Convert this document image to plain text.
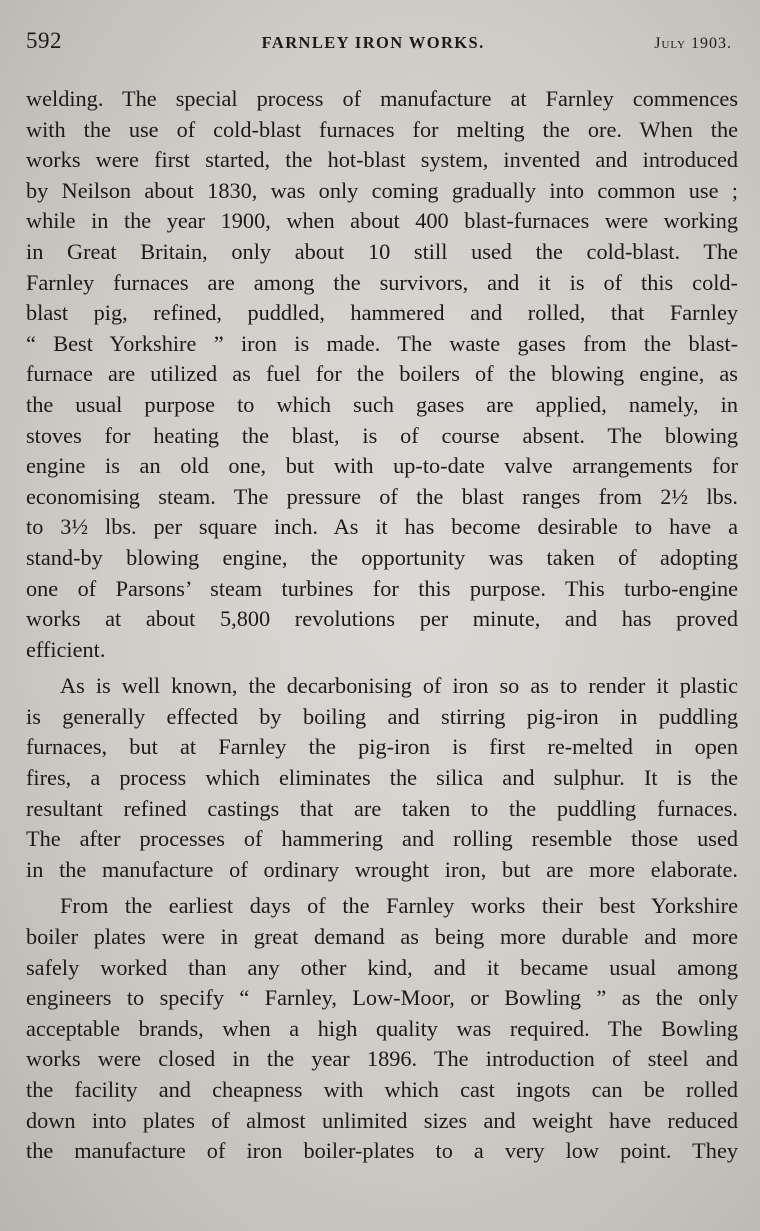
592	FARNLEY IRON WORKS.	July 1903.
welding. The special process of manufacture at Farnley commences
with the use of cold-blast furnaces for melting the ore. When the
works were first started, the hot-blast system, invented and introduced
by Neilson about 1830, was only coming gradually into common use ;
while in the year 1900, when about 400 blast-furnaces were working
in Great Britain, only about 10 still used the cold-blast. The
Farnley furnaces are among the survivors, and it is of this cold-
blast pig, refined, puddled, hammered and rolled, that Farnley
“ Best Yorkshire ” iron is made. The waste gases from the blast-
furnace are utilized as fuel for the boilers of the blowing engine, as
the usual purpose to which such gases are applied, namely, in
stoves for heating the blast, is of course absent. The blowing
engine is an old one, but with up-to-date valve arrangements for
economising steam. The pressure of the blast ranges from 2½ lbs.
to 3½ lbs. per square inch. As it has become desirable to have a
stand-by blowing engine, the opportunity was taken of adopting
one of Parsons’ steam turbines for this purpose. This turbo-engine
works at about 5,800 revolutions per minute, and has proved
efficient.
As is well known, the decarbonising of iron so as to render it plastic
is generally effected by boiling and stirring pig-iron in puddling
furnaces, but at Farnley the pig-iron is first re-melted in open
fires, a process which eliminates the silica and sulphur. It is the
resultant refined castings that are taken to the puddling furnaces.
The after processes of hammering and rolling resemble those used
in the manufacture of ordinary wrought iron, but are more elaborate.
From the earliest days of the Farnley works their best Yorkshire
boiler plates were in great demand as being more durable and more
safely worked than any other kind, and it became usual among
engineers to specify “ Farnley, Low-Moor, or Bowling ” as the only
acceptable brands, when a high quality was required. The Bowling
works were closed in the year 1896. The introduction of steel and
the facility and cheapness with which cast ingots can be rolled
down into plates of almost unlimited sizes and weight have reduced
the manufacture of iron boiler-plates to a very low point. They
